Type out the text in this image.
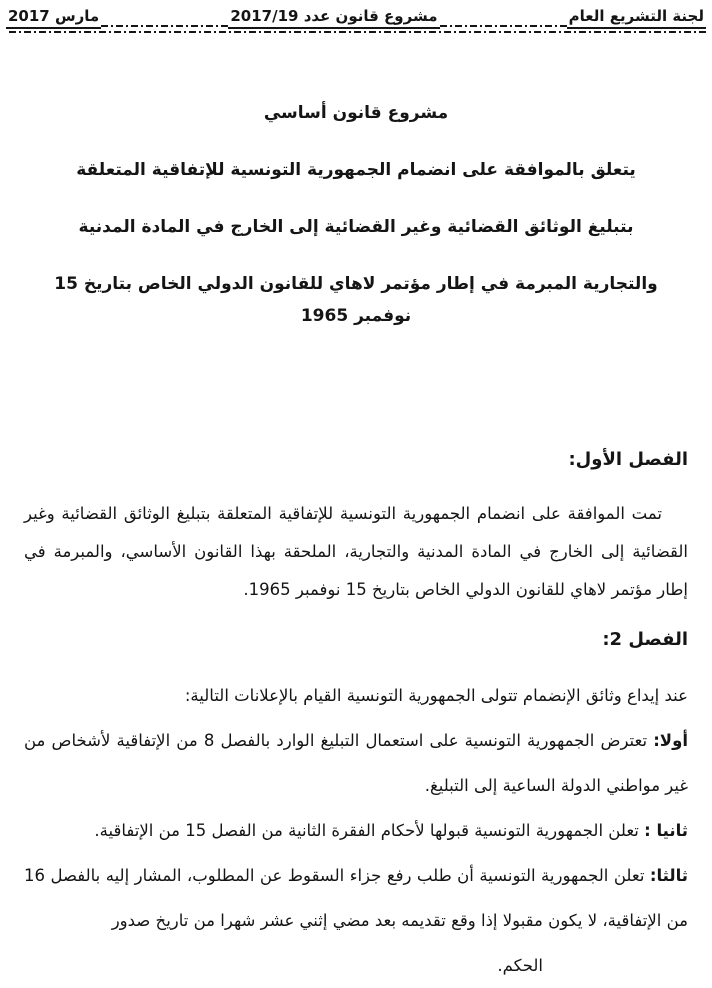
لجنة التشريع العام
مشروع قانون عدد 2017/19
مارس 2017

مشروع قانون أساسي

يتعلق بالموافقة على انضمام الجمهورية التونسية للإتفاقية المتعلقة

بتبليغ الوثائق القضائية وغير القضائية إلى الخارج في المادة المدنية

والتجارية المبرمة في إطار مؤتمر لاهاي للقانون الدولي الخاص بتاريخ 15 نوفمبر 1965

الفصل الأول:

تمت الموافقة على انضمام الجمهورية التونسية للإتفاقية المتعلقة بتبليغ الوثائق القضائية وغير القضائية إلى الخارج في المادة المدنية والتجارية، الملحقة بهذا القانون الأساسي، والمبرمة في إطار مؤتمر لاهاي للقانون الدولي الخاص بتاريخ 15 نوفمبر 1965.

الفصل 2:

عند إيداع وثائق الإنضمام تتولى الجمهورية التونسية القيام بالإعلانات التالية:

أولا: تعترض الجمهورية التونسية على استعمال التبليغ الوارد بالفصل 8 من الإتفاقية لأشخاص من غير مواطني الدولة الساعية إلى التبليغ.

ثانيا : تعلن الجمهورية التونسية قبولها لأحكام الفقرة الثانية من الفصل 15 من الإتفاقية.

ثالثا: تعلن الجمهورية التونسية أن طلب رفع جزاء السقوط عن المطلوب، المشار إليه بالفصل 16 من الإتفاقية، لا يكون مقبولا إذا وقع تقديمه بعد مضي إثني عشر شهرا من تاريخ صدور

الحكم.
